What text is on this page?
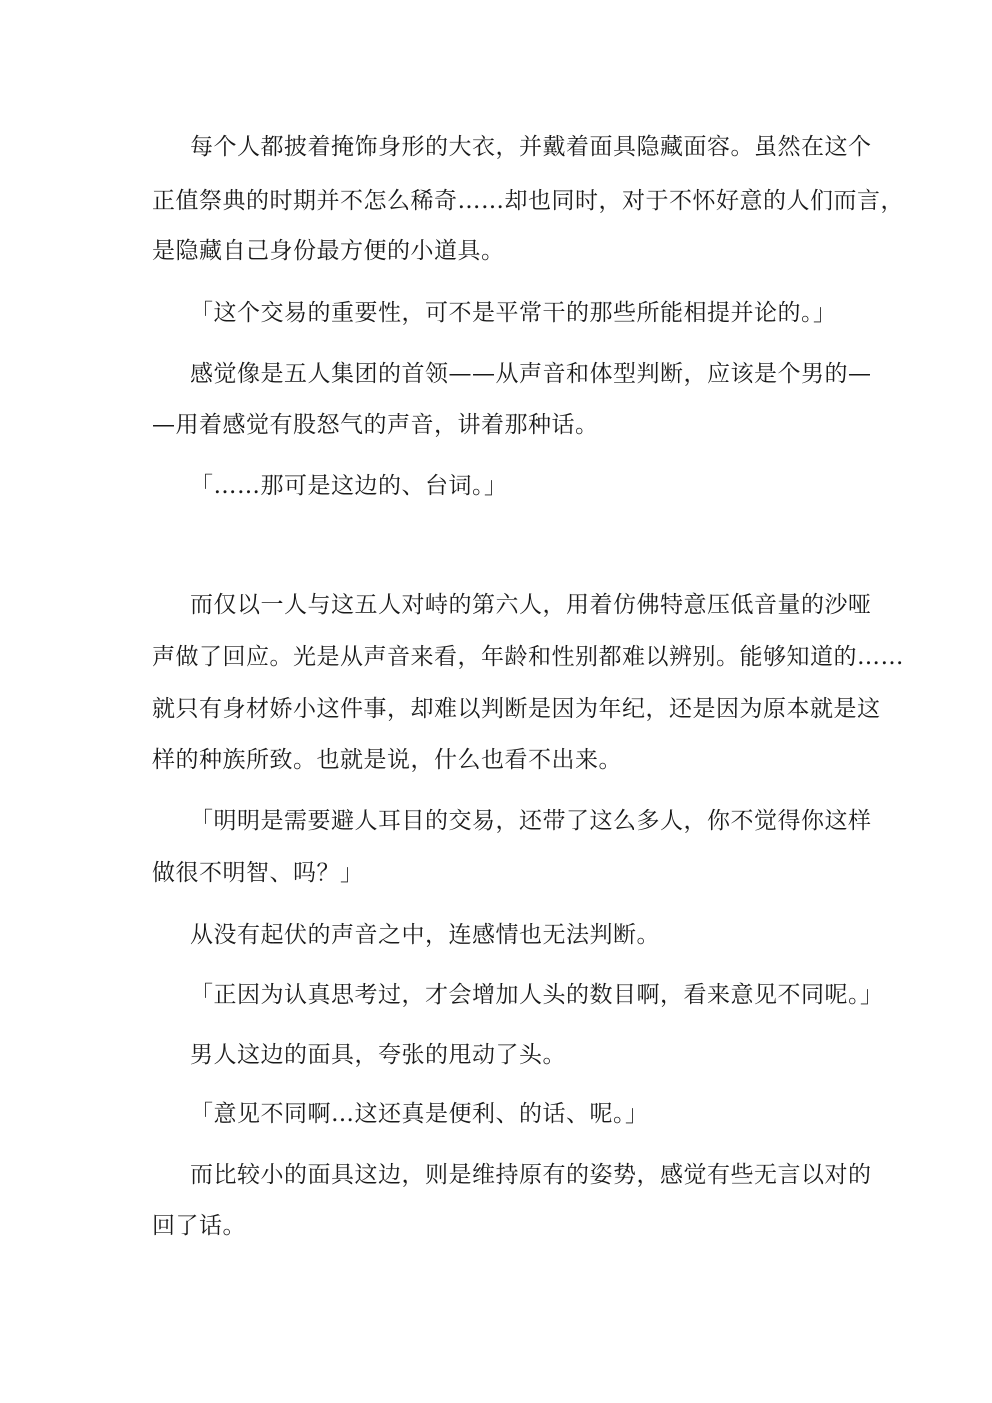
每个人都披着掩饰身形的大衣，并戴着面具隐藏面容。虽然在这个

正值祭典的时期并不怎么稀奇……却也同时，对于不怀好意的人们而言，

是隐藏自己身份最方便的小道具。

「这个交易的重要性，可不是平常干的那些所能相提并论的。」

感觉像是五人集团的首领——从声音和体型判断，应该是个男的—

—用着感觉有股怒气的声音，讲着那种话。

「……那可是这边的、台词。」

而仅以一人与这五人对峙的第六人，用着仿佛特意压低音量的沙哑

声做了回应。光是从声音来看，年龄和性别都难以辨别。能够知道的……

就只有身材娇小这件事，却难以判断是因为年纪，还是因为原本就是这

样的种族所致。也就是说，什么也看不出来。

「明明是需要避人耳目的交易，还带了这么多人，你不觉得你这样

做很不明智、吗？」

从没有起伏的声音之中，连感情也无法判断。

「正因为认真思考过，才会增加人头的数目啊，看来意见不同呢。」

男人这边的面具，夸张的甩动了头。

「意见不同啊…这还真是便利、的话、呢。」

而比较小的面具这边，则是维持原有的姿势，感觉有些无言以对的

回了话。
